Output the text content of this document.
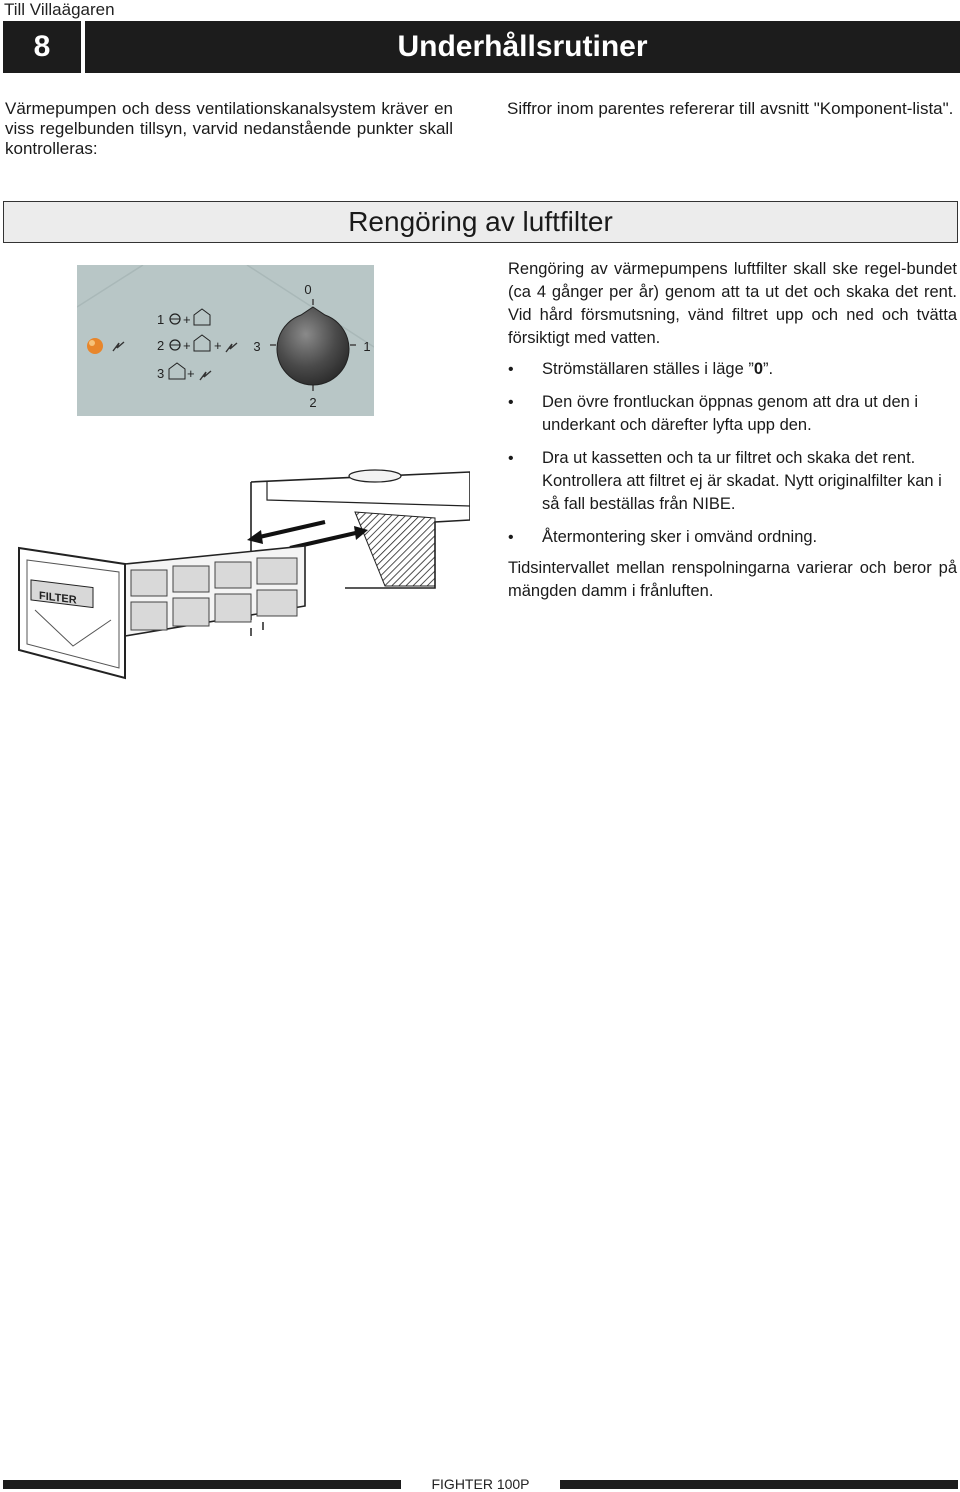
Till Villaägaren
8	Underhållsrutiner
Värmepumpen och dess ventilationskanalsystem kräver en viss regelbunden tillsyn, varvid nedanstående punkter skall kontrolleras:
Siffror inom parentes refererar till avsnitt "Komponent-lista".
Rengöring av luftfilter
1 +
2 + +
3 +
0
1
2
3
FILTER

Rengöring av värmepumpens luftfilter skall ske regel-bundet (ca 4 gånger per år) genom att ta ut det och skaka det rent. Vid hård försmutsning, vänd filtret upp och ned och tvätta försiktigt med vatten.

• Strömställaren ställes i läge ”0”.
• Den övre frontluckan öppnas genom att dra ut den i underkant och därefter lyfta upp den.
• Dra ut kassetten och ta ur filtret och skaka det rent. Kontrollera att filtret ej är skadat. Nytt originalfilter kan i så fall beställas från NIBE.
• Återmontering sker i omvänd ordning.

Tidsintervallet mellan renspolningarna varierar och beror på mängden damm i frånluften.

FIGHTER 100P
